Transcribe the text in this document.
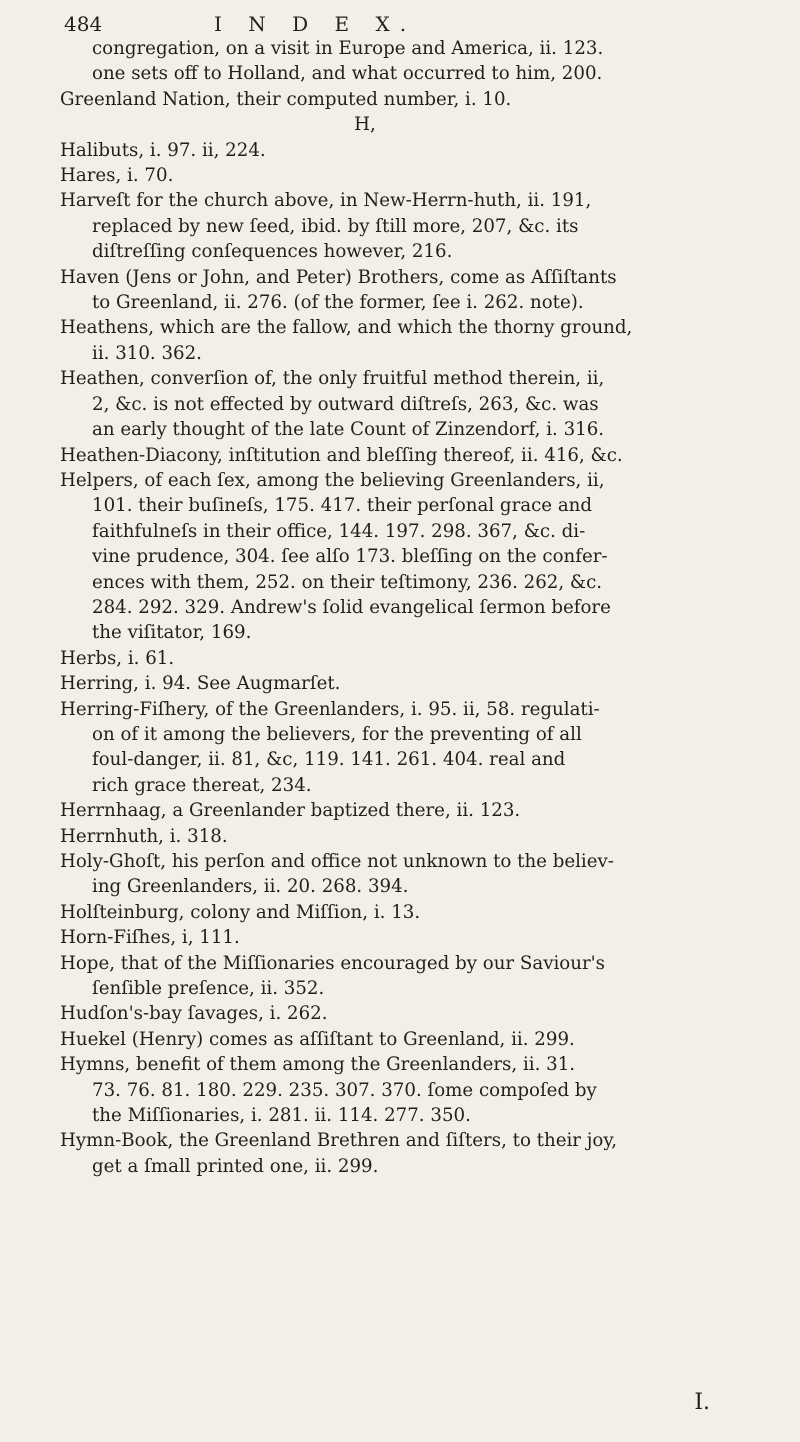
484	I N D E X.
congregation, on a visit in Europe and America, ii. 123.
one sets off to Holland, and what occurred to him, 200.
Greenland Nation, their computed number, i. 10.
H,
Halibuts, i. 97. ii, 224.
Hares, i. 70.
Harveſt for the church above, in New-Herrn-huth, ii. 191,
replaced by new ſeed, ibid. by ſtill more, 207, &c. its
diſtreſſing conſequences however, 216.
Haven (Jens or John, and Peter) Brothers, come as Aſſiſtants
to Greenland, ii. 276. (of the former, ſee i. 262. note).
Heathens, which are the fallow, and which the thorny ground,
ii. 310. 362.
Heathen, converſion of, the only fruitful method therein, ii,
2, &c. is not effected by outward diſtreſs, 263, &c. was
an early thought of the late Count of Zinzendorf, i. 316.
Heathen-Diacony, inſtitution and bleſſing thereof, ii. 416, &c.
Helpers, of each ſex, among the believing Greenlanders, ii,
101. their buſineſs, 175. 417. their perſonal grace and
faithfulneſs in their office, 144. 197. 298. 367, &c. di-
vine prudence, 304. ſee alſo 173. bleſſing on the confer-
ences with them, 252. on their teſtimony, 236. 262, &c.
284. 292. 329. Andrew's ſolid evangelical ſermon before
the viſitator, 169.
Herbs, i. 61.
Herring, i. 94. See Augmarſet.
Herring-Fiſhery, of the Greenlanders, i. 95. ii, 58. regulati-
on of it among the believers, for the preventing of all
foul-danger, ii. 81, &c, 119. 141. 261. 404. real and
rich grace thereat, 234.
Herrnhaag, a Greenlander baptized there, ii. 123.
Herrnhuth, i. 318.
Holy-Ghoſt, his perſon and office not unknown to the believ-
ing Greenlanders, ii. 20. 268. 394.
Holſteinburg, colony and Miſſion, i. 13.
Horn-Fiſhes, i, 111.
Hope, that of the Miſſionaries encouraged by our Saviour's
ſenſible preſence, ii. 352.
Hudſon's-bay ſavages, i. 262.
Huekel (Henry) comes as aſſiſtant to Greenland, ii. 299.
Hymns, benefit of them among the Greenlanders, ii. 31.
73. 76. 81. 180. 229. 235. 307. 370. ſome compoſed by
the Miſſionaries, i. 281. ii. 114. 277. 350.
Hymn-Book, the Greenland Brethren and ſiſters, to their joy,
get a ſmall printed one, ii. 299.
I.
